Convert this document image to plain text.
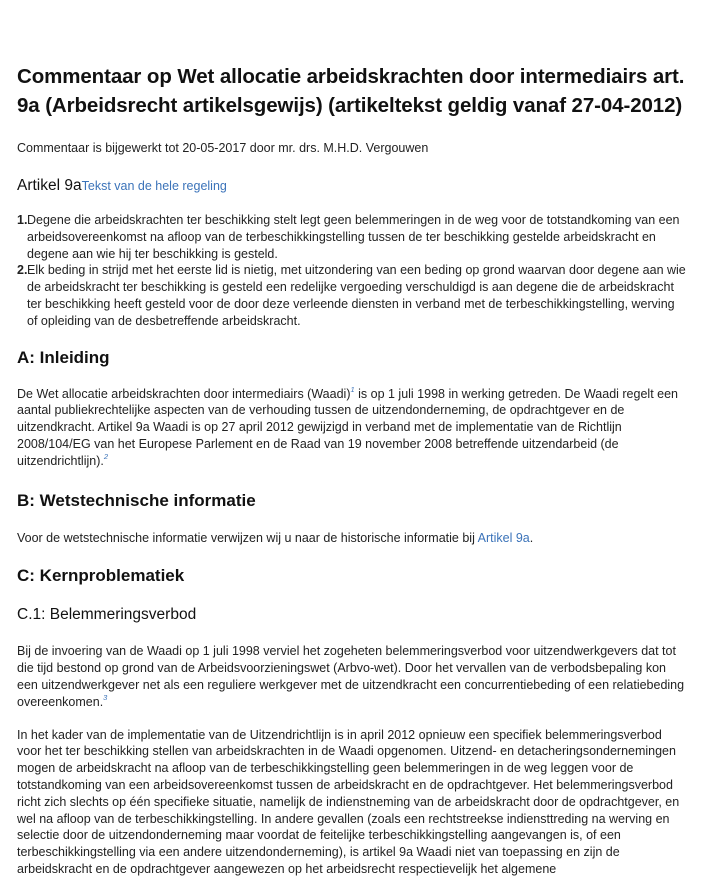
Commentaar op Wet allocatie arbeidskrachten door intermediairs art. 9a (Arbeidsrecht artikelsgewijs) (artikeltekst geldig vanaf 27-04-2012)

Commentaar is bijgewerkt tot 20-05-2017 door mr. drs. M.H.D. Vergouwen

Artikel 9aTekst van de hele regeling
1. Degene die arbeidskrachten ter beschikking stelt legt geen belemmeringen in de weg voor de totstandkoming van een arbeidsovereenkomst na afloop van de terbeschikkingstelling tussen de ter beschikking gestelde arbeidskracht en degene aan wie hij ter beschikking is gesteld.
2. Elk beding in strijd met het eerste lid is nietig, met uitzondering van een beding op grond waarvan door degene aan wie de arbeidskracht ter beschikking is gesteld een redelijke vergoeding verschuldigd is aan degene die de arbeidskracht ter beschikking heeft gesteld voor de door deze verleende diensten in verband met de terbeschikkingstelling, werving of opleiding van de desbetreffende arbeidskracht.
A: Inleiding

De Wet allocatie arbeidskrachten door intermediairs (Waadi)$^1$ is op 1 juli 1998 in werking getreden. De Waadi regelt een aantal publiekrechtelijke aspecten van de verhouding tussen de uitzendonderneming, de opdrachtgever en de uitzendkracht. Artikel 9a Waadi is op 27 april 2012 gewijzigd in verband met de implementatie van de Richtlijn 2008/104/EG van het Europese Parlement en de Raad van 19 november 2008 betreffende uitzendarbeid (de uitzendrichtlijn).$^2$

B: Wetstechnische informatie

Voor de wetstechnische informatie verwijzen wij u naar de historische informatie bij Artikel 9a.

C: Kernproblematiek
C.1: Belemmeringsverbod

Bij de invoering van de Waadi op 1 juli 1998 verviel het zogeheten belemmeringsverbod voor uitzendwerkgevers dat tot die tijd bestond op grond van de Arbeidsvoorzieningswet (Arbvo-wet). Door het vervallen van de verbodsbepaling kon een uitzendwerkgever net als een reguliere werkgever met de uitzendkracht een concurrentiebeding of een relatiebeding overeenkomen.$^3$

In het kader van de implementatie van de Uitzendrichtlijn is in april 2012 opnieuw een specifiek belemmeringsverbod voor het ter beschikking stellen van arbeidskrachten in de Waadi opgenomen. Uitzend- en detacheringsondernemingen mogen de arbeidskracht na afloop van de terbeschikkingstelling geen belemmeringen in de weg leggen voor de totstandkoming van een arbeidsovereenkomst tussen de arbeidskracht en de opdrachtgever. Het belemmeringsverbod richt zich slechts op één specifieke situatie, namelijk de indienstneming van de arbeidskracht door de opdrachtgever, en wel na afloop van de terbeschikkingstelling. In andere gevallen (zoals een rechtstreekse indiensttreding na werving en selectie door de uitzendonderneming maar voordat de feitelijke terbeschikkingstelling aangevangen is, of een terbeschikkingstelling via een andere uitzendonderneming), is artikel 9a Waadi niet van toepassing en zijn de arbeidskracht en de opdrachtgever aangewezen op het arbeidsrecht respectievelijk het algemene
